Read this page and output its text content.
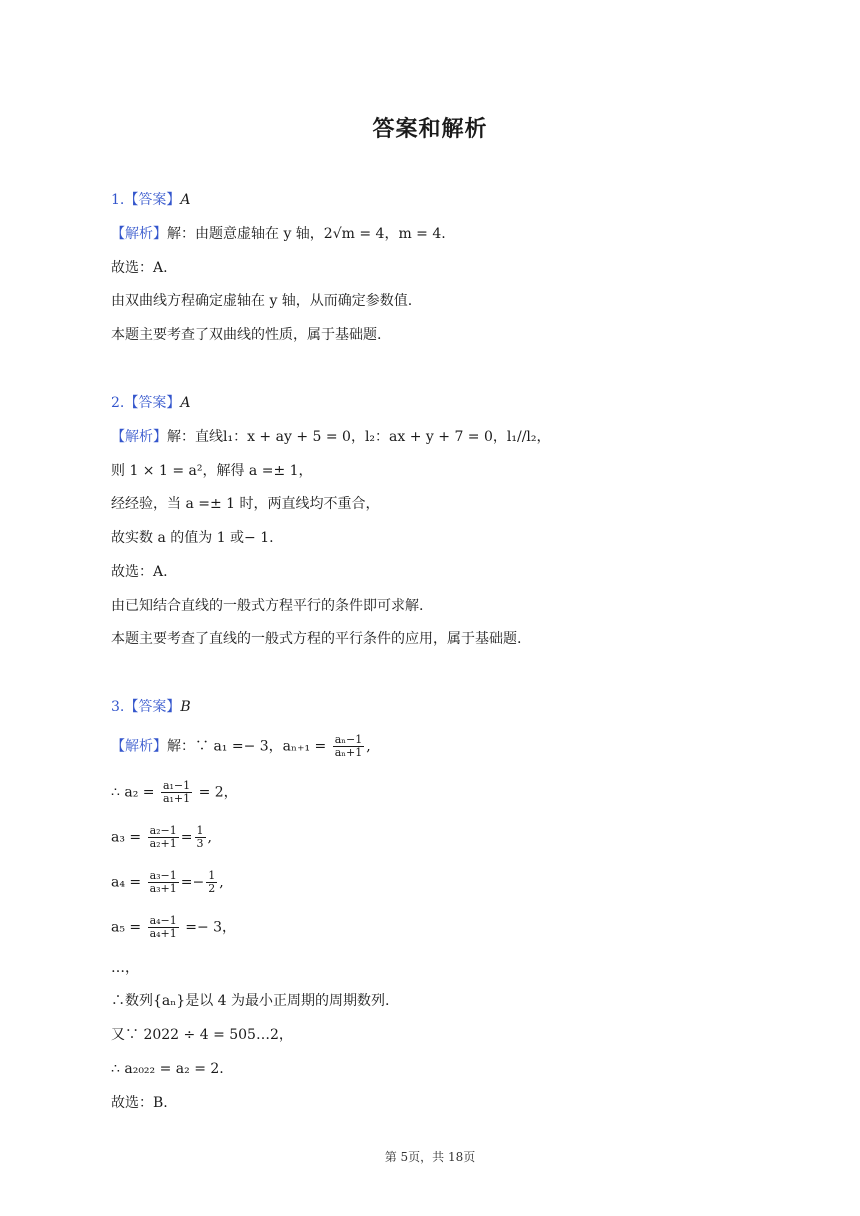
答案和解析
1.【答案】A
【解析】解：由题意虚轴在 y 轴，2√m = 4，m = 4.
故选：A.
由双曲线方程确定虚轴在 y 轴，从而确定参数值.
本题主要考查了双曲线的性质，属于基础题.
2.【答案】A
【解析】解：直线l₁：x + ay + 5 = 0，l₂：ax + y + 7 = 0，l₁//l₂，
则 1 × 1 = a²，解得 a =± 1，
经经验，当 a =± 1 时，两直线均不重合，
故实数 a 的值为 1 或− 1.
故选：A.
由已知结合直线的一般式方程平行的条件即可求解.
本题主要考查了直线的一般式方程的平行条件的应用，属于基础题.
3.【答案】B
【解析】解：∵ a₁ =− 3，$a_{n+1} = \frac{\text{aₙ−1}}{\text{aₙ+1}}$ ,
∴ $a_2 = \frac{\text{a₁−1}}{\text{a₁+1}} = 2$，
$a_3 = \frac{\text{a₂−1}}{\text{a₂+1}} = \frac{1}{3}$ ,
$a_4 = \frac{\text{a₃−1}}{\text{a₃+1}} =- \frac{1}{2}$ ,
$a_5 = \frac{\text{a₄−1}}{\text{a₄+1}} =- 3$，
…，
∴数列{aₙ}是以 4 为最小正周期的周期数列.
又∵ 2022 ÷ 4 = 505…2，
∴ a₂₀₂₂ = a₂ = 2.
故选：B.
第 5页，共 18页
